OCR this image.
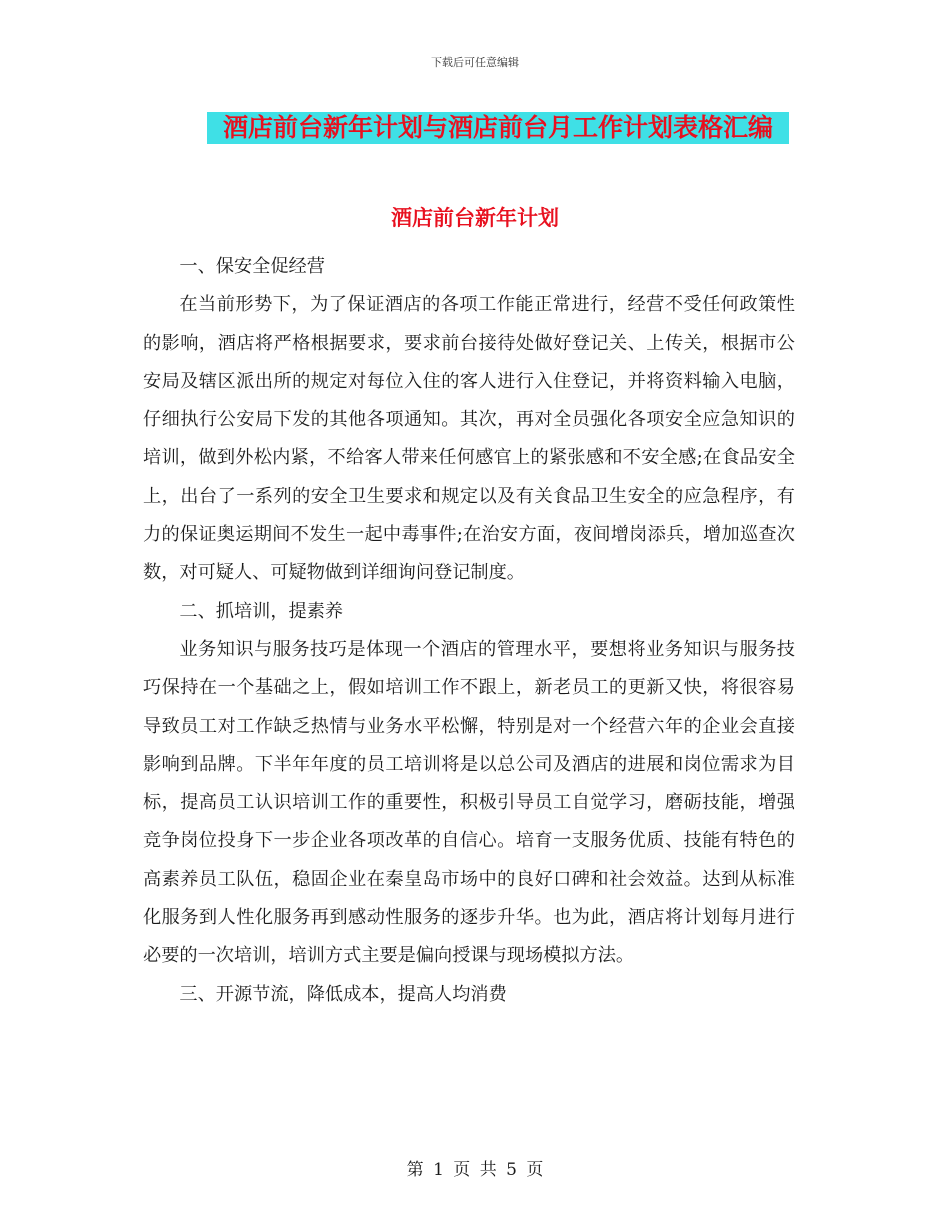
下载后可任意编辑
酒店前台新年计划与酒店前台月工作计划表格汇编
酒店前台新年计划

一、保安全促经营

在当前形势下，为了保证酒店的各项工作能正常进行，经营不受任何政策性的影响，酒店将严格根据要求，要求前台接待处做好登记关、上传关，根据市公安局及辖区派出所的规定对每位入住的客人进行入住登记，并将资料输入电脑，仔细执行公安局下发的其他各项通知。其次，再对全员强化各项安全应急知识的培训，做到外松内紧，不给客人带来任何感官上的紧张感和不安全感;在食品安全上，出台了一系列的安全卫生要求和规定以及有关食品卫生安全的应急程序，有力的保证奥运期间不发生一起中毒事件;在治安方面，夜间增岗添兵，增加巡查次数，对可疑人、可疑物做到详细询问登记制度。

二、抓培训，提素养

业务知识与服务技巧是体现一个酒店的管理水平，要想将业务知识与服务技巧保持在一个基础之上，假如培训工作不跟上，新老员工的更新又快，将很容易导致员工对工作缺乏热情与业务水平松懈，特别是对一个经营六年的企业会直接影响到品牌。下半年年度的员工培训将是以总公司及酒店的进展和岗位需求为目标，提高员工认识培训工作的重要性，积极引导员工自觉学习，磨砺技能，增强竞争岗位投身下一步企业各项改革的自信心。培育一支服务优质、技能有特色的高素养员工队伍，稳固企业在秦皇岛市场中的良好口碑和社会效益。达到从标准化服务到人性化服务再到感动性服务的逐步升华。也为此，酒店将计划每月进行必要的一次培训，培训方式主要是偏向授课与现场模拟方法。

三、开源节流，降低成本，提高人均消费

第 1 页 共 5 页
